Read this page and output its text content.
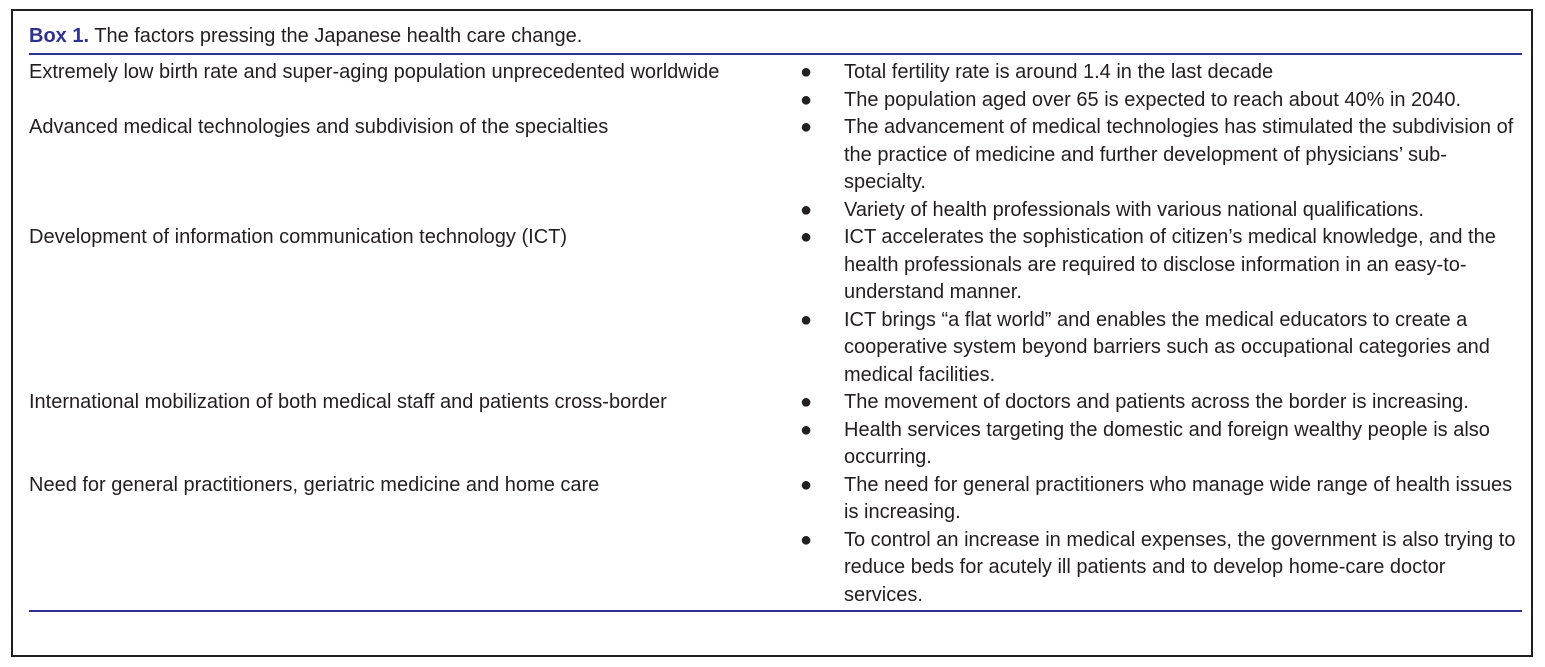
Box 1. The factors pressing the Japanese health care change.
Extremely low birth rate and super-aging population unprecedented worldwide	● Total fertility rate is around 1.4 in the last decade
● The population aged over 65 is expected to reach about 40% in 2040.
Advanced medical technologies and subdivision of the specialties	● The advancement of medical technologies has stimulated the subdivision of the practice of medicine and further development of physicians’ sub-specialty.
● Variety of health professionals with various national qualifications.
Development of information communication technology (ICT)	● ICT accelerates the sophistication of citizen’s medical knowledge, and the health professionals are required to disclose information in an easy-to-understand manner.
● ICT brings “a flat world” and enables the medical educators to create a cooperative system beyond barriers such as occupational categories and medical facilities.
International mobilization of both medical staff and patients cross-border	● The movement of doctors and patients across the border is increasing.
● Health services targeting the domestic and foreign wealthy people is also occurring.
Need for general practitioners, geriatric medicine and home care	● The need for general practitioners who manage wide range of health issues is increasing.
● To control an increase in medical expenses, the government is also trying to reduce beds for acutely ill patients and to develop home-care doctor services.
